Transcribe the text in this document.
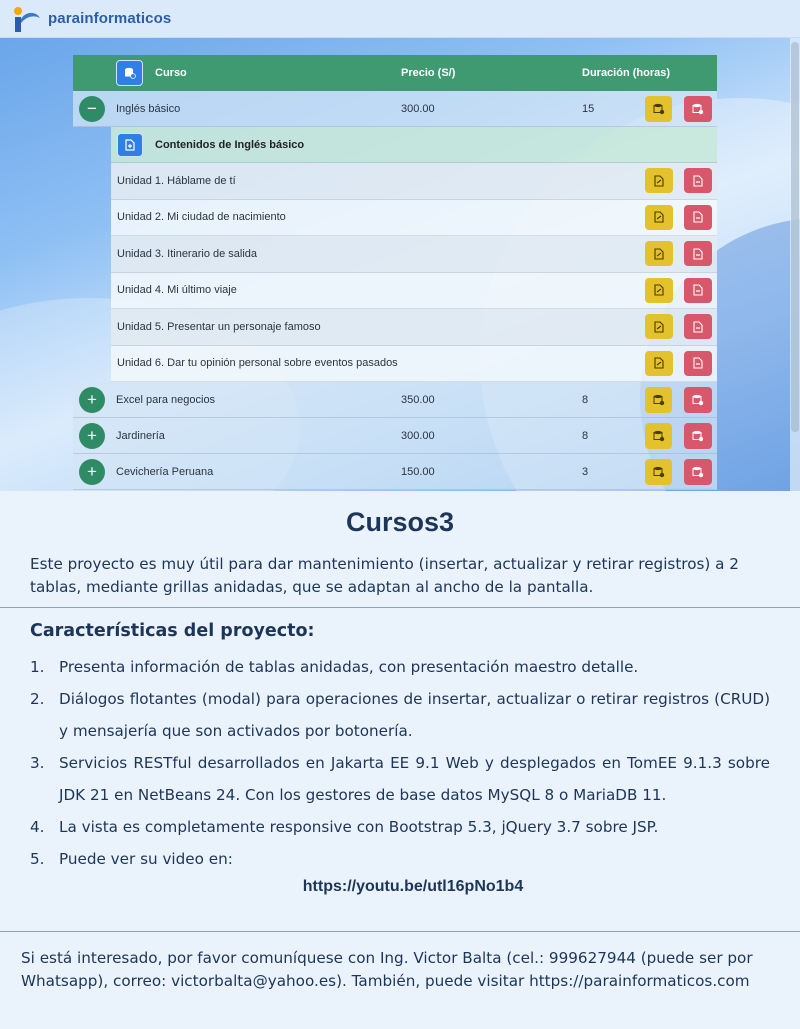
parainformaticos
Curso	Precio (S/)	Duración (horas)
−	Inglés básico	300.00	15
Contenidos de Inglés básico
Unidad 1. Háblame de tí
Unidad 2. Mi ciudad de nacimiento
Unidad 3. Itinerario de salida
Unidad 4. Mi último viaje
Unidad 5. Presentar un personaje famoso
Unidad 6. Dar tu opinión personal sobre eventos pasados
+	Excel para negocios	350.00	8
+	Jardinería	300.00	8
+	Cevichería Peruana	150.00	3
Cursos3
Este proyecto es muy útil para dar mantenimiento (insertar, actualizar y retirar registros) a 2 tablas, mediante grillas anidadas, que se adaptan al ancho de la pantalla.
Características del proyecto:
1. Presenta información de tablas anidadas, con presentación maestro detalle.
2. Diálogos flotantes (modal) para operaciones de insertar, actualizar o retirar registros (CRUD) y mensajería que son activados por botonería.
3. Servicios RESTful desarrollados en Jakarta EE 9.1 Web y desplegados en TomEE 9.1.3 sobre JDK 21 en NetBeans 24. Con los gestores de base datos MySQL 8 o MariaDB 11.
4. La vista es completamente responsive con Bootstrap 5.3, jQuery 3.7 sobre JSP.
5. Puede ver su video en:
https://youtu.be/utl16pNo1b4
Si está interesado, por favor comuníquese con Ing. Victor Balta (cel.: 999627944 (puede ser por Whatsapp), correo: victorbalta@yahoo.es). También, puede visitar https://parainformaticos.com
